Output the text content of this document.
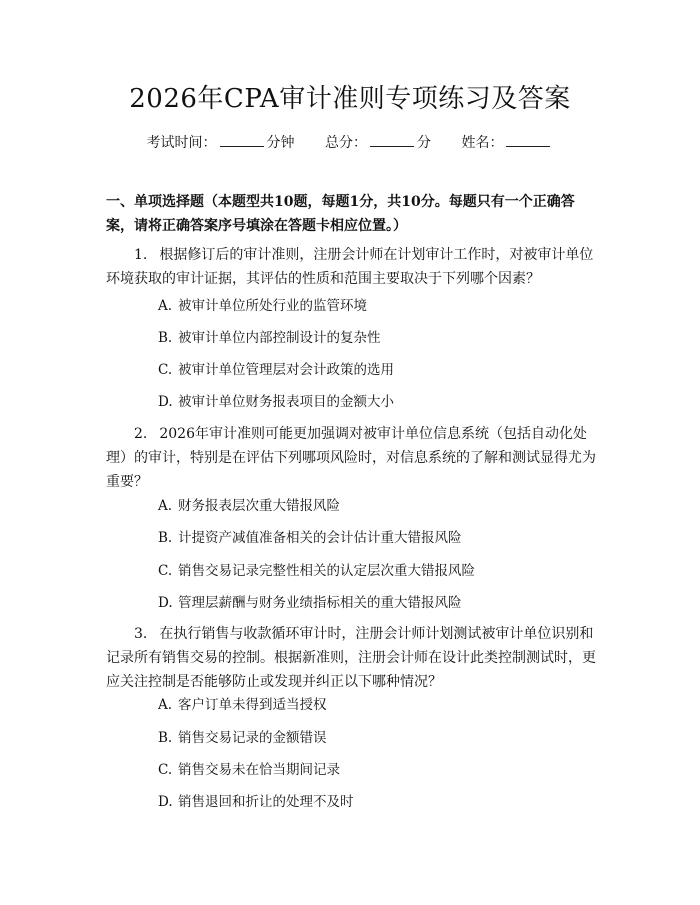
2026年CPA审计准则专项练习及答案
考试时间：	分钟 总分：	分 姓名：
一、单项选择题（本题型共10题，每题1分，共10分。每题只有一个正确答案，请将正确答案序号填涂在答题卡相应位置。）
1. 根据修订后的审计准则，注册会计师在计划审计工作时，对被审计单位环境获取的审计证据，其评估的性质和范围主要取决于下列哪个因素？
A. 被审计单位所处行业的监管环境
B. 被审计单位内部控制设计的复杂性
C. 被审计单位管理层对会计政策的选用
D. 被审计单位财务报表项目的金额大小
2. 2026年审计准则可能更加强调对被审计单位信息系统（包括自动化处理）的审计，特别是在评估下列哪项风险时，对信息系统的了解和测试显得尤为重要？
A. 财务报表层次重大错报风险
B. 计提资产减值准备相关的会计估计重大错报风险
C. 销售交易记录完整性相关的认定层次重大错报风险
D. 管理层薪酬与财务业绩指标相关的重大错报风险
3. 在执行销售与收款循环审计时，注册会计师计划测试被审计单位识别和记录所有销售交易的控制。根据新准则，注册会计师在设计此类控制测试时，更应关注控制是否能够防止或发现并纠正以下哪种情况？
A. 客户订单未得到适当授权
B. 销售交易记录的金额错误
C. 销售交易未在恰当期间记录
D. 销售退回和折让的处理不及时
